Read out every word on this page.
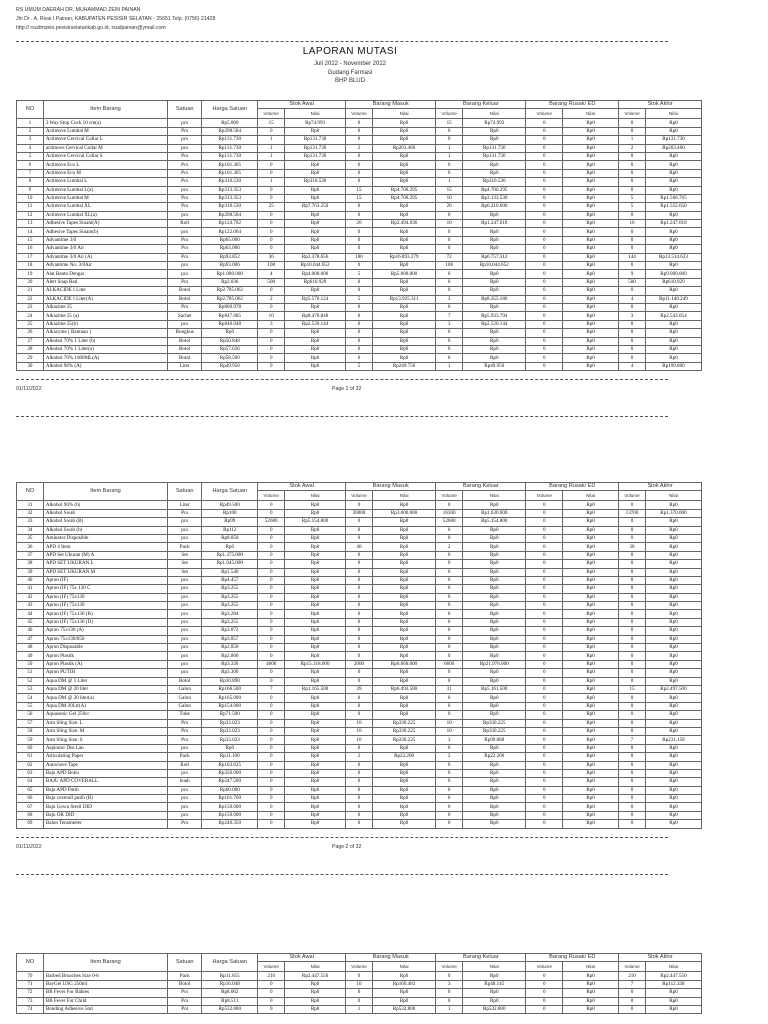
RS UMUM DAERAH DR. MUHAMMAD ZEIN PAINAN
Jln Dr . A. Rivai I Painan, KABUPATEN PESISIR SELATAN - 25651 Telp. (0756) 21428
http:// rsudmzein.pesisirselatankab.go.id, rsudpainan@ymail.com
LAPORAN MUTASI
Juli 2022 - November 2022
Gudang Farmasi
BHP BLUD
NO	Item Barang	Satuan	Harga Satuan	Stok Awal		Barang Masuk		Barang Keluar		Barang Rusak/ ED		Stok Akhir	
				Volume	Nilai	Volume	Nilai	Volume	Nilai	Volume	Nilai	Volume	Nilai
1	3 Way Stop Cock 10 cm(a)	pcs	Rp5.000	15	Rp74.993	0	Rp0	15	Rp74.993	0	Rp0	0	Rp0
2	Actimove Lumbal M	Pcs	Rp298.584	0	Rp0	0	Rp0	0	Rp0	0	Rp0	0	Rp0
3	Actimove Cervical Collar L	pcs	Rp131.730	1	Rp131.730	0	Rp0	0	Rp0	0	Rp0	1	Rp131.730
4	actimove Cervical Collar M	pcs	Rp131.730	1	Rp131.730	2	Rp263.460	1	Rp131.730	0	Rp0	2	Rp263.460
5	Actimove Cervical Collar S	Pcs	Rp131.730	1	Rp131.730	0	Rp0	1	Rp131.730	0	Rp0	0	Rp0
6	Actimove Eco L	Pcs	Rp101.365	0	Rp0	0	Rp0	0	Rp0	0	Rp0	0	Rp0
7	Actimove Eco M	Pcs	Rp101.365	0	Rp0	0	Rp0	0	Rp0	0	Rp0	0	Rp0
8	Actimove Lumbal L	Pcs	Rp310.530	1	Rp310.530	0	Rp0	1	Rp310.530	0	Rp0	0	Rp0
9	Actimove Lumbal L(a)	pcs	Rp313.353	0	Rp0	15	Rp4.700.295	15	Rp4.700.295	0	Rp0	0	Rp0
10	Actimove Lumbal M	Pcs	Rp313.353	0	Rp0	15	Rp4.700.295	10	Rp3.133.530	0	Rp0	5	Rp1.566.765
11	Actimove Lumbal XL	Pcs	Rp310.530	25	Rp7.763.250	0	Rp0	20	Rp6.210.600	0	Rp0	5	Rp1.552.650
12	Actimove Lumbal XL(a)	pcs	Rp298.584	0	Rp0	0	Rp0	0	Rp0	0	Rp0	0	Rp0
13	Adhesive Tapes Sinam(A)	Roll	Rp124.702	0	Rp0	20	Rp2.494.036	10	Rp1.247.018	0	Rp0	10	Rp1.247.018
14	Adhesive Tapes Sinam(b)	pcs	Rp122.064	0	Rp0	0	Rp0	0	Rp0	0	Rp0	0	Rp0
15	Advantime 3/0	Pcs	Rp65.000	0	Rp0	0	Rp0	0	Rp0	0	Rp0	0	Rp0
16	Advantime 3/0 Air	Pcs	Rp63.006	0	Rp0	0	Rp0	0	Rp0	0	Rp0	0	Rp0
17	Advantime 3/0 Air (A)	Pcs	Rp93.852	36	Rp3.378.656	180	Rp16.893.279	72	Rp6.757.312	0	Rp0	144	Rp13.514.623
18	Advantime No. 3/0Air	pcs	Rp93.006	108	Rp10.044.652	0	Rp0	108	Rp10.044.652	0	Rp0	0	Rp0
19	Alat Bantu Dengar	pcs	Rp1.000.000	4	Rp4.000.000	5	Rp5.000.000	0	Rp0	0	Rp0	9	Rp9.000.000
20	Alert Snap Rad	Pcs	Rp2.036	500	Rp610.929	0	Rp0	0	Rp0	0	Rp0	500	Rp610.929
21	ALKACIDE I Liter	Botol	Rp2.785.062	0	Rp0	0	Rp0	0	Rp0	0	Rp0	0	Rp0
22	ALKACIDE I Liter(A)	Botol	Rp2.785.062	2	Rp5.570.124	5	Rp13.925.311	3	Rp8.355.186	0	Rp0	4	Rp11.140.249
23	Alkazime 25	Pcs	Rp800.978	0	Rp0	0	Rp0	0	Rp0	0	Rp0	0	Rp0
24	Alkazime 25 (a)	Sachet	Rp847.685	10	Rp8.476.848	0	Rp0	7	Rp5.933.794	0	Rp0	3	Rp2.543.054
25	Alkazime 25(b)	pcs	Rp840.048	3	Rp2.520.144	0	Rp0	3	Rp2.520.144	0	Rp0	0	Rp0
26	Alkazyme ( Bantuan )	Bungkus	Rp0	0	Rp0	0	Rp0	0	Rp0	0	Rp0	0	Rp0
27	Alkohol 70% 1 Liter (b)	Botol	Rp50.848	0	Rp0	0	Rp0	0	Rp0	0	Rp0	0	Rp0
28	Alkohol 70% 1 Liter(a)	Botol	Rp57.636	0	Rp0	0	Rp0	0	Rp0	0	Rp0	0	Rp0
29	Alkohol 70% 1000ML(A)	Botol	Rp58.500	0	Rp0	0	Rp0	0	Rp0	0	Rp0	0	Rp0
30	Alkohol 96% (A)	Liter	Rp49.950	0	Rp0	5	Rp249.750	1	Rp49.950	0	Rp0	4	Rp199.800
01/11/2022	Page 1 of 32
NO	Item Barang	Satuan	Harga Satuan	Stok Awal		Barang Masuk		Barang Keluar		Barang Rusak/ ED		Stok Akhir	
				Volume	Nilai	Volume	Nilai	Volume	Nilai	Volume	Nilai	Volume	Nilai
31	Alkohol 96% (b)	Liter	Rp49.500	0	Rp0	0	Rp0	0	Rp0	0	Rp0	0	Rp0
32	Alkohol Swab	Pcs	Rp100	0	Rp0	30000	Rp3.000.000	16300	Rp1.630.000	0	Rp0	13700	Rp1.370.000
33	Alkohol Swab (B)	pcs	Rp99	52600	Rp5.154.800	0	Rp0	52600	Rp5.154.800	0	Rp0	0	Rp0
34	Alkohol Swab (b)	pcs	Rp112	0	Rp0	0	Rp0	0	Rp0	0	Rp0	0	Rp0
35	Aminator Disposible	pcs	Rp8.050	0	Rp0	0	Rp0	0	Rp0	0	Rp0	0	Rp0
36	APD 4 Item	Pack	Rp0	0	Rp0	40	Rp0	2	Rp0	0	Rp0	38	Rp0
37	APD Set Ukuran (M) A	Set	Rp1.375.000	0	Rp0	0	Rp0	0	Rp0	0	Rp0	0	Rp0
38	APD SET UKURAN L	Set	Rp1.045.000	0	Rp0	0	Rp0	0	Rp0	0	Rp0	0	Rp0
39	APD SET UKURAN M	Set	Rp1.540	0	Rp0	0	Rp0	0	Rp0	0	Rp0	0	Rp0
40	Apron (IF)	pcs	Rp4.457	0	Rp0	0	Rp0	0	Rp0	0	Rp0	0	Rp0
41	Apron (IF) 75x 130 C	pcs	Rp3.255	0	Rp0	0	Rp0	0	Rp0	0	Rp0	0	Rp0
42	Apron (IF) 75x130	pcs	Rp3.255	0	Rp0	0	Rp0	0	Rp0	0	Rp0	0	Rp0
43	Apron (IF) 75x130	pcs	Rp3.255	0	Rp0	0	Rp0	0	Rp0	0	Rp0	0	Rp0
44	Apron (IF) 75x130 (B)	pcs	Rp3.284	0	Rp0	0	Rp0	0	Rp0	0	Rp0	0	Rp0
45	Apron (IF) 75x130 (D)	pcs	Rp3.255	0	Rp0	0	Rp0	0	Rp0	0	Rp0	0	Rp0
46	Apron 75x130 (A)	pcs	Rp3.872	0	Rp0	0	Rp0	0	Rp0	0	Rp0	0	Rp0
47	Apron 75x130/050	pcs	Rp3.857	0	Rp0	0	Rp0	0	Rp0	0	Rp0	0	Rp0
48	Apron Disposable	pcs	Rp2.850	0	Rp0	0	Rp0	0	Rp0	0	Rp0	0	Rp0
49	Apron Plastik	pcs	Rp2.800	0	Rp0	0	Rp0	0	Rp0	0	Rp0	0	Rp0
50	Apron Plastik (A)	pcs	Rp3.330	4600	Rp15.318.000	2000	Rp6.660.000	6600	Rp21.978.000	0	Rp0	0	Rp0
51	Apron PUTIH	pcs	Rp3.300	0	Rp0	0	Rp0	0	Rp0	0	Rp0	0	Rp0
52	Aqua DM @ 1 Liter	Botol	Rp10.890	0	Rp0	0	Rp0	0	Rp0	0	Rp0	0	Rp0
53	Aqua DM @ 20 liter	Galon	Rp166.500	7	Rp1.165.500	39	Rp6.493.500	31	Rp5.161.500	0	Rp0	15	Rp2.497.500
54	Aqua DM @ 20 liter(a)	Galon	Rp165.000	0	Rp0	0	Rp0	0	Rp0	0	Rp0	0	Rp0
55	Aqua DM 20Ltr(A)	Galon	Rp154.000	0	Rp0	0	Rp0	0	Rp0	0	Rp0	0	Rp0
56	Aquasonic Gel 250cc	Tube	Rp71.500	0	Rp0	0	Rp0	0	Rp0	0	Rp0	0	Rp0
57	Arm Sling Size. L	Pcs	Rp33.023	0	Rp0	10	Rp330.225	10	Rp330.225	0	Rp0	0	Rp0
58	Arm Sling Size. M	Pcs	Rp33.023	0	Rp0	10	Rp330.225	10	Rp330.225	0	Rp0	0	Rp0
59	Arm Sling Size. S	Pcs	Rp33.023	0	Rp0	10	Rp330.225	3	Rp99.068	0	Rp0	7	Rp231.158
60	Aspirator Dus Lan	pcs	Rp0	0	Rp0	0	Rp0	0	Rp0	0	Rp0	0	Rp0
61	Articulating Paper	Pack	Rp11.100	0	Rp0	2	Rp22.200	2	Rp22.200	0	Rp0	0	Rp0
62	Autoclave Tape	Roll	Rp163.625	0	Rp0	0	Rp0	0	Rp0	0	Rp0	0	Rp0
63	Baju APD Bohu	pcs	Rp350.000	0	Rp0	0	Rp0	0	Rp0	0	Rp0	0	Rp0
64	BAJU APD COVERALL	buah	Rp247.500	0	Rp0	0	Rp0	0	Rp0	0	Rp0	0	Rp0
65	Baju APD Putih	pcs	Rp60.000	0	Rp0	0	Rp0	0	Rp0	0	Rp0	0	Rp0
66	Baju coverall putih (B)	pcs	Rp161.700	0	Rp0	0	Rp0	0	Rp0	0	Rp0	0	Rp0
67	Baju Gown Steril DID	pcs	Rp150.000	0	Rp0	0	Rp0	0	Rp0	0	Rp0	0	Rp0
68	Baju OK DID	pcs	Rp150.000	0	Rp0	0	Rp0	0	Rp0	0	Rp0	0	Rp0
69	Balon Tensimeter	Pcs	Rp240.350	0	Rp0	0	Rp0	0	Rp0	0	Rp0	0	Rp0
01/11/2022	Page 2 of 32
NO	Item Barang	Satuan	Harga Satuan	Stok Awal		Barang Masuk		Barang Keluar		Barang Rusak/ ED		Stok Akhir	
				Volume	Nilai	Volume	Nilai	Volume	Nilai	Volume	Nilai	Volume	Nilai
70	Barbed Broaches Size 0-6	Pack	Rp11.655	210	Rp2.447.550	0	Rp0	0	Rp0	0	Rp0	210	Rp2.447.550
71	BayGel USG 250ml	Botol	Rp16.048	0	Rp0	10	Rp160.483	3	Rp48.145	0	Rp0	7	Rp112.338
72	BB Fever For Babies	Pcs	Rp8.062	0	Rp0	0	Rp0	0	Rp0	0	Rp0	0	Rp0
73	BB Fever For Child	Pcs	Rp8.511	0	Rp0	0	Rp0	0	Rp0	0	Rp0	0	Rp0
74	Bonding Adhesive 5ml	Pot	Rp532.800	0	Rp0	1	Rp532.800	1	Rp532.800	0	Rp0	0	Rp0
